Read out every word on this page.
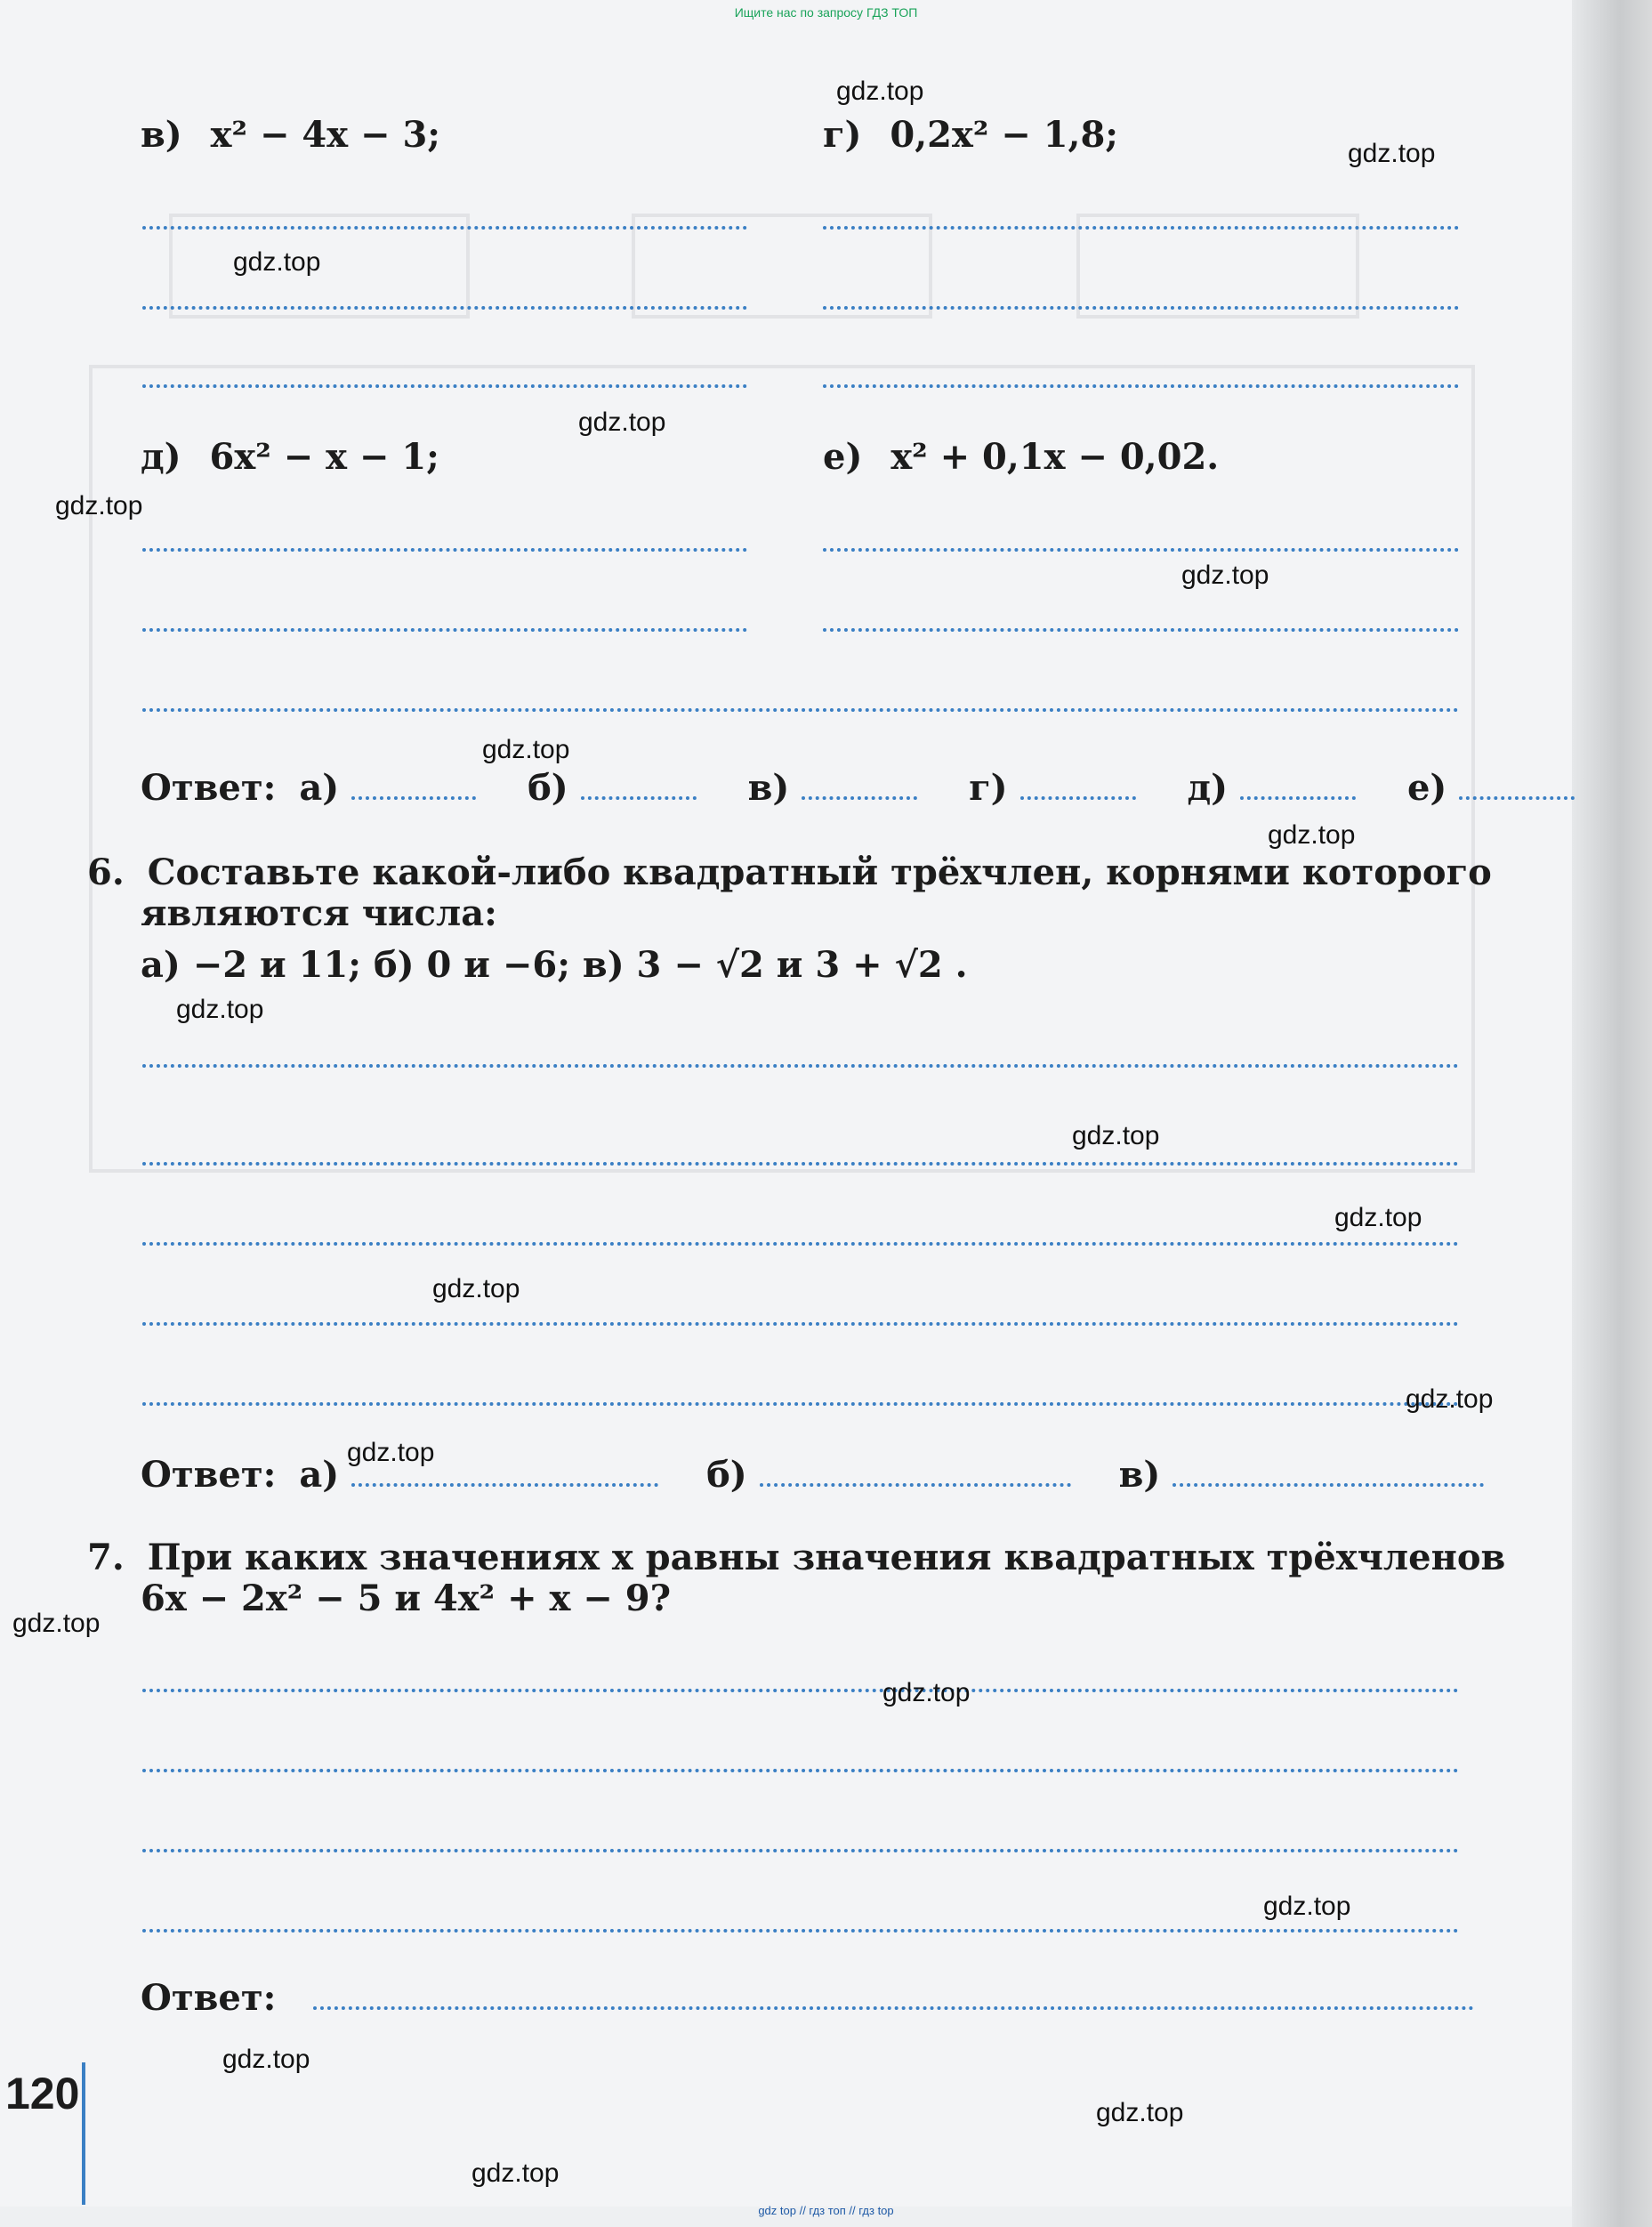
Ищите нас по запросу ГДЗ ТОП
в) x² − 4x − 3;	г) 0,2x² − 1,8;
д) 6x² − x − 1;	е) x² + 0,1x − 0,02.
Ответ: а)	б)	в)	г)	д)	е)
6. Составьте какой-либо квадратный трёхчлен, корнями которого
являются числа:
а) −2 и 11; б) 0 и −6; в) 3 − √2 и 3 + √2 .
Ответ: а)	б)	в)
7. При каких значениях x равны значения квадратных трёхчленов
6x − 2x² − 5 и 4x² + x − 9?
Ответ:
120
gdz.top
gdz.top
gdz.top
gdz.top
gdz.top
gdz.top
gdz.top
gdz.top
gdz.top
gdz.top
gdz.top
gdz.top
gdz.top
gdz.top
gdz.top
gdz.top
gdz.top
gdz.top
gdz.top
gdz.top
gdz top // гдз топ // гдз top
